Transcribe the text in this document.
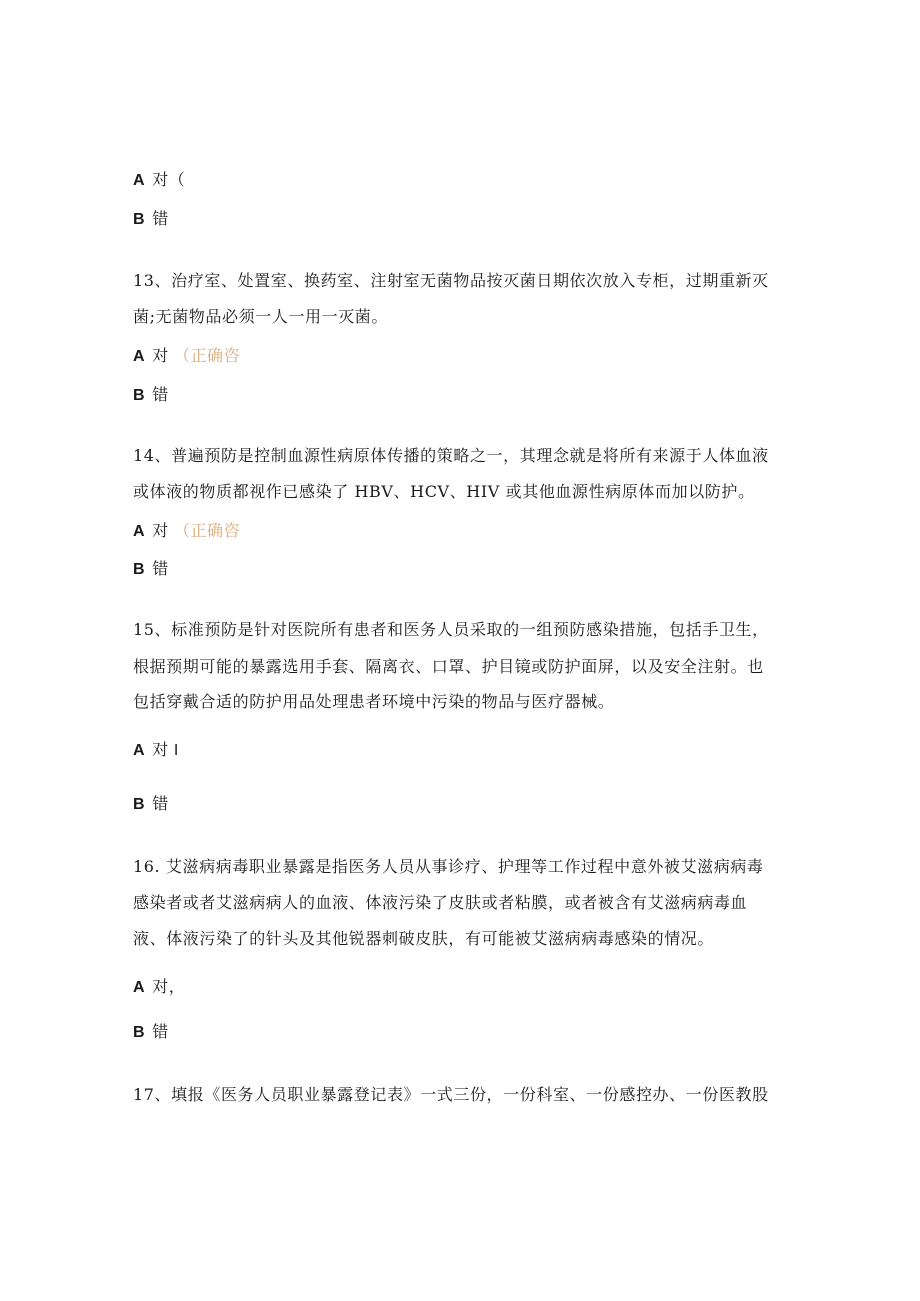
A 对（
B 错
13、治疗室、处置室、换药室、注射室无菌物品按灭菌日期依次放入专柜，过期重新灭
菌;无菌物品必须一人一用一灭菌。
A 对 （正确咨
B 错
14、普遍预防是控制血源性病原体传播的策略之一，其理念就是将所有来源于人体血液
或体液的物质都视作已感染了 HBV、HCV、HIV 或其他血源性病原体而加以防护。
A 对 （正确咨
B 错
15、标准预防是针对医院所有患者和医务人员采取的一组预防感染措施，包括手卫生，
根据预期可能的暴露选用手套、隔离衣、口罩、护目镜或防护面屏，以及安全注射。也
包括穿戴合适的防护用品处理患者环境中污染的物品与医疗器械。
A 对 I
B 错
16. 艾滋病病毒职业暴露是指医务人员从事诊疗、护理等工作过程中意外被艾滋病病毒
感染者或者艾滋病病人的血液、体液污染了皮肤或者粘膜，或者被含有艾滋病病毒血
液、体液污染了的针头及其他锐器刺破皮肤，有可能被艾滋病病毒感染的情况。
A 对，
B 错
17、填报《医务人员职业暴露登记表》一式三份，一份科室、一份感控办、一份医教股
